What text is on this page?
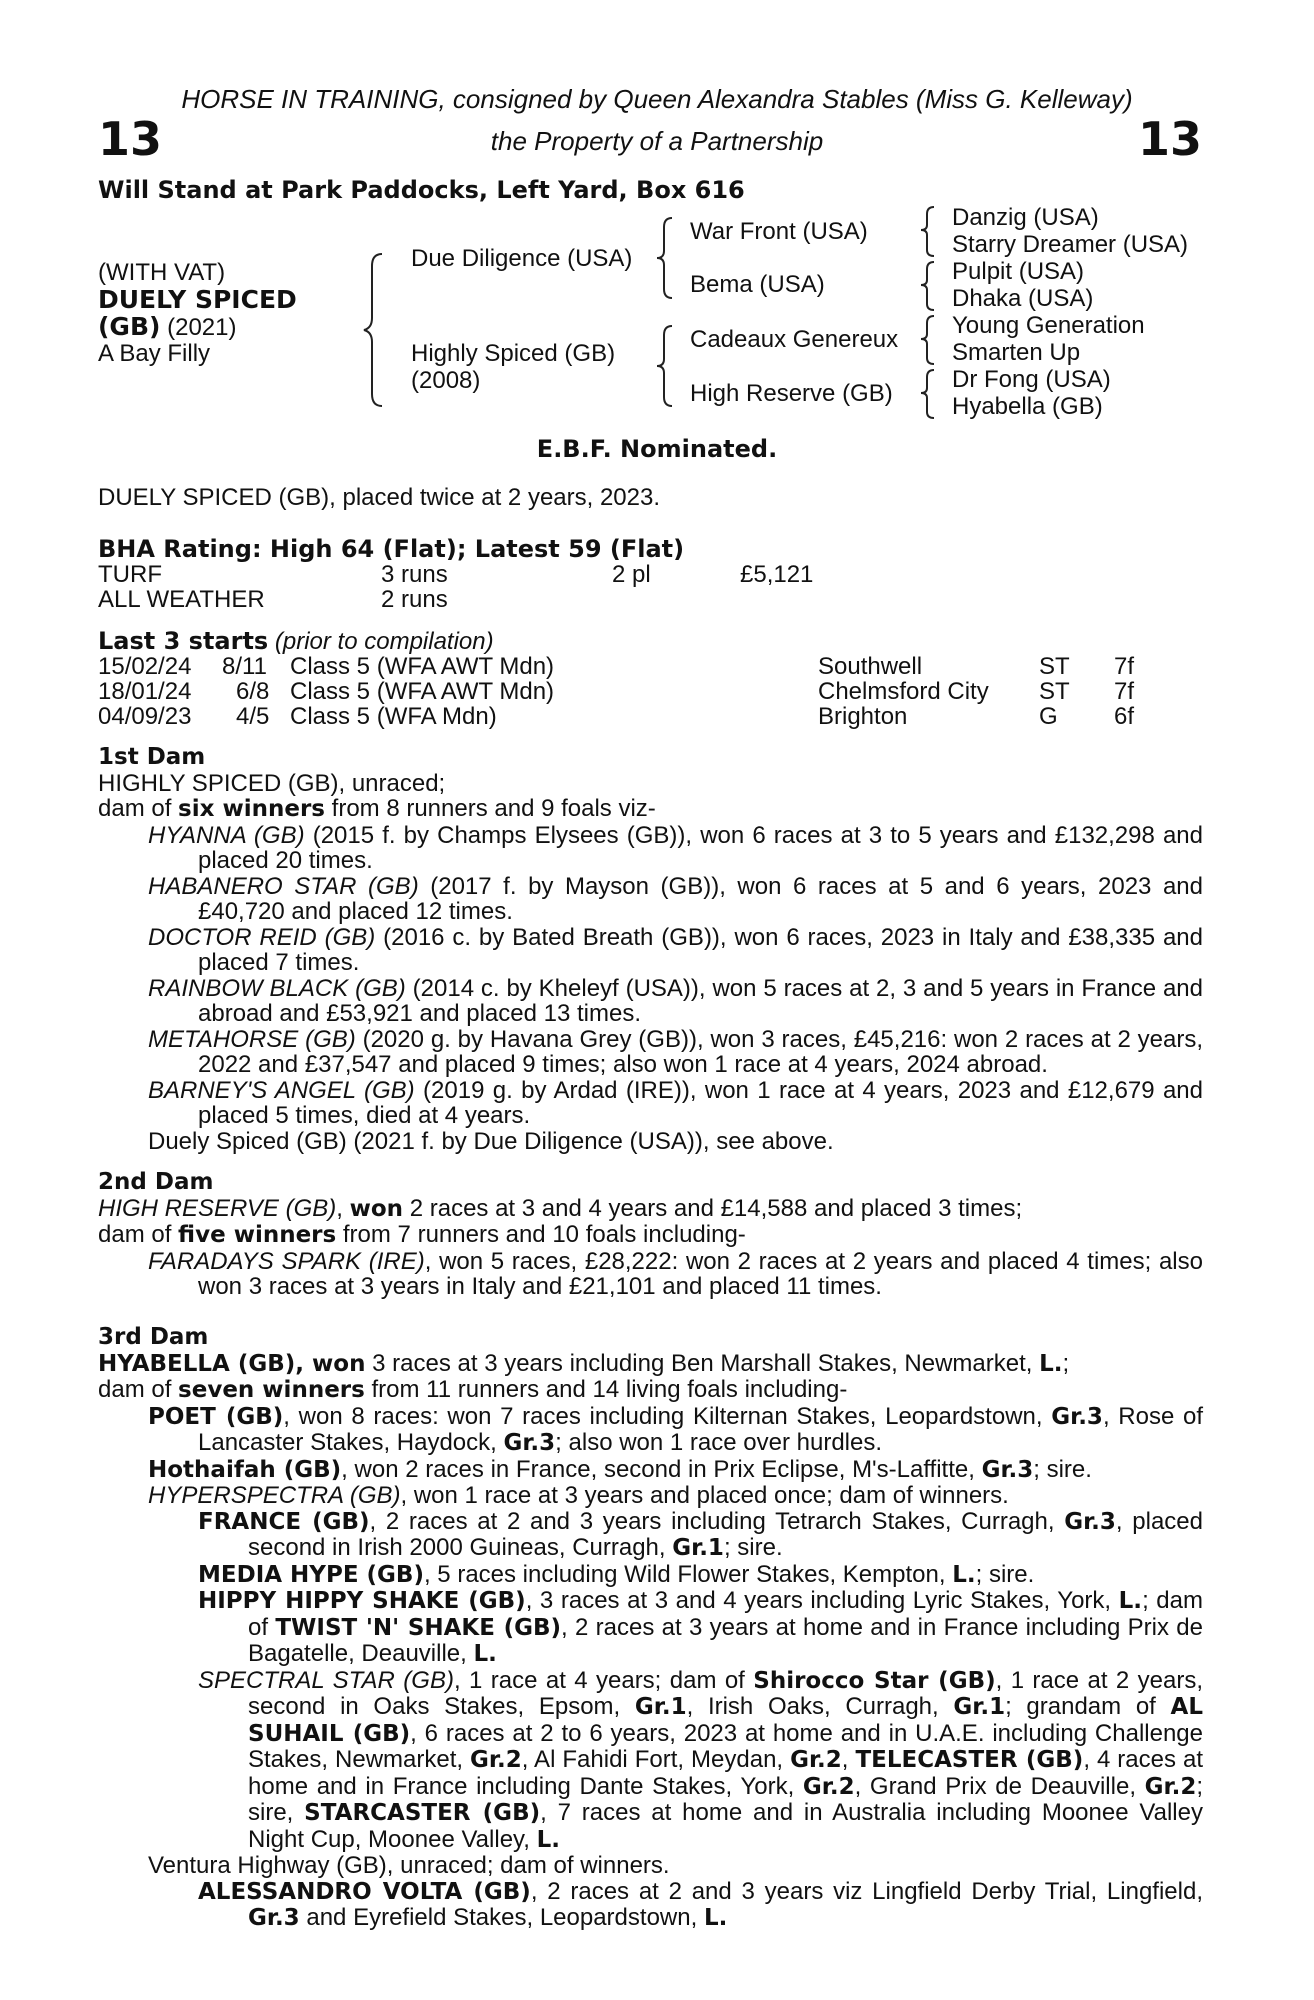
HORSE IN TRAINING, consigned by Queen Alexandra Stables (Miss G. Kelleway)
the Property of a Partnership
13	13
Will Stand at Park Paddocks, Left Yard, Box 616
(WITH VAT)
DUELY SPICED
(GB) (2021)
A Bay Filly
Due Diligence (USA)
Highly Spiced (GB)
(2008)
War Front (USA)
Bema (USA)
Cadeaux Genereux
High Reserve (GB)
Danzig (USA)
Starry Dreamer (USA)
Pulpit (USA)
Dhaka (USA)
Young Generation
Smarten Up
Dr Fong (USA)
Hyabella (GB)
E.B.F. Nominated.
DUELY SPICED (GB), placed twice at 2 years, 2023.
BHA Rating: High 64 (Flat); Latest 59 (Flat)
TURF	3 runs	2 pl	£5,121
ALL WEATHER	2 runs
Last 3 starts (prior to compilation)
15/02/24 8/11 Class 5 (WFA AWT Mdn)	Southwell	ST 7f
18/01/24 6/8 Class 5 (WFA AWT Mdn)	Chelmsford City ST 7f
04/09/23 4/5 Class 5 (WFA Mdn)	Brighton	G 6f
1st Dam
HIGHLY SPICED (GB), unraced;
dam of six winners from 8 runners and 9 foals viz-
HYANNA (GB) (2015 f. by Champs Elysees (GB)), won 6 races at 3 to 5 years and £132,298 and placed 20 times.
HABANERO STAR (GB) (2017 f. by Mayson (GB)), won 6 races at 5 and 6 years, 2023 and £40,720 and placed 12 times.
DOCTOR REID (GB) (2016 c. by Bated Breath (GB)), won 6 races, 2023 in Italy and £38,335 and placed 7 times.
RAINBOW BLACK (GB) (2014 c. by Kheleyf (USA)), won 5 races at 2, 3 and 5 years in France and abroad and £53,921 and placed 13 times.
METAHORSE (GB) (2020 g. by Havana Grey (GB)), won 3 races, £45,216: won 2 races at 2 years, 2022 and £37,547 and placed 9 times; also won 1 race at 4 years, 2024 abroad.
BARNEY'S ANGEL (GB) (2019 g. by Ardad (IRE)), won 1 race at 4 years, 2023 and £12,679 and placed 5 times, died at 4 years.
Duely Spiced (GB) (2021 f. by Due Diligence (USA)), see above.
2nd Dam
HIGH RESERVE (GB), won 2 races at 3 and 4 years and £14,588 and placed 3 times;
dam of five winners from 7 runners and 10 foals including-
FARADAYS SPARK (IRE), won 5 races, £28,222: won 2 races at 2 years and placed 4 times; also won 3 races at 3 years in Italy and £21,101 and placed 11 times.
3rd Dam
HYABELLA (GB), won 3 races at 3 years including Ben Marshall Stakes, Newmarket, L.;
dam of seven winners from 11 runners and 14 living foals including-
POET (GB), won 8 races: won 7 races including Kilternan Stakes, Leopardstown, Gr.3, Rose of Lancaster Stakes, Haydock, Gr.3; also won 1 race over hurdles.
Hothaifah (GB), won 2 races in France, second in Prix Eclipse, M's-Laffitte, Gr.3; sire.
HYPERSPECTRA (GB), won 1 race at 3 years and placed once; dam of winners.
FRANCE (GB), 2 races at 2 and 3 years including Tetrarch Stakes, Curragh, Gr.3, placed second in Irish 2000 Guineas, Curragh, Gr.1; sire.
MEDIA HYPE (GB), 5 races including Wild Flower Stakes, Kempton, L.; sire.
HIPPY HIPPY SHAKE (GB), 3 races at 3 and 4 years including Lyric Stakes, York, L.; dam of TWIST 'N' SHAKE (GB), 2 races at 3 years at home and in France including Prix de Bagatelle, Deauville, L.
SPECTRAL STAR (GB), 1 race at 4 years; dam of Shirocco Star (GB), 1 race at 2 years, second in Oaks Stakes, Epsom, Gr.1, Irish Oaks, Curragh, Gr.1; grandam of AL SUHAIL (GB), 6 races at 2 to 6 years, 2023 at home and in U.A.E. including Challenge Stakes, Newmarket, Gr.2, Al Fahidi Fort, Meydan, Gr.2, TELECASTER (GB), 4 races at home and in France including Dante Stakes, York, Gr.2, Grand Prix de Deauville, Gr.2; sire, STARCASTER (GB), 7 races at home and in Australia including Moonee Valley Night Cup, Moonee Valley, L.
Ventura Highway (GB), unraced; dam of winners.
ALESSANDRO VOLTA (GB), 2 races at 2 and 3 years viz Lingfield Derby Trial, Lingfield, Gr.3 and Eyrefield Stakes, Leopardstown, L.
